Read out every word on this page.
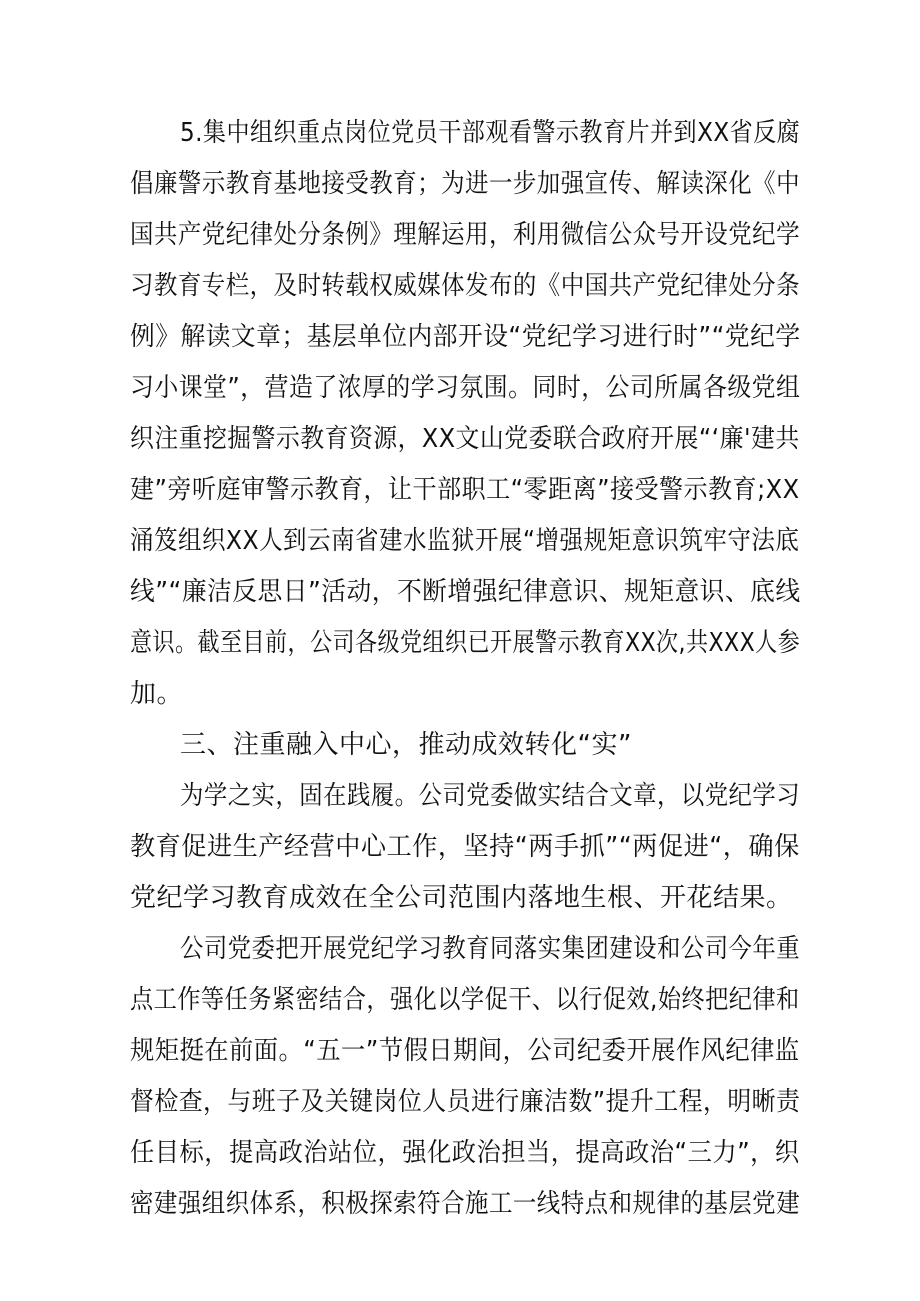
5.集中组织重点岗位党员干部观看警示教育片并到XX省反腐
倡廉警示教育基地接受教育；为进一步加强宣传、解读深化《中
国共产党纪律处分条例》理解运用，利用微信公众号开设党纪学
习教育专栏，及时转载权威媒体发布的《中国共产党纪律处分条
例》解读文章；基层单位内部开设“党纪学习进行时”“党纪学
习小课堂”，营造了浓厚的学习氛围。同时，公司所属各级党组
织注重挖掘警示教育资源，XX文山党委联合政府开展“‘廉'建共
建”旁听庭审警示教育，让干部职工“零距离”接受警示教育;XX
涌笈组织XX人到云南省建水监狱开展“增强规矩意识筑牢守法底
线”“廉洁反思日”活动，不断增强纪律意识、规矩意识、底线
意识。截至目前，公司各级党组织已开展警示教育XX次,共XXX人参
加。
三、注重融入中心，推动成效转化“实”
为学之实，固在践履。公司党委做实结合文章，以党纪学习
教育促进生产经营中心工作，坚持“两手抓”“两促进“，确保
党纪学习教育成效在全公司范围内落地生根、开花结果。
公司党委把开展党纪学习教育同落实集团建设和公司今年重
点工作等任务紧密结合，强化以学促干、以行促效,始终把纪律和
规矩挺在前面。“五一”节假日期间，公司纪委开展作风纪律监
督检查，与班子及关键岗位人员进行廉洁数”提升工程，明晰责
任目标，提高政治站位，强化政治担当，提高政治“三力”，织
密建强组织体系，积极探索符合施工一线特点和规律的基层党建
